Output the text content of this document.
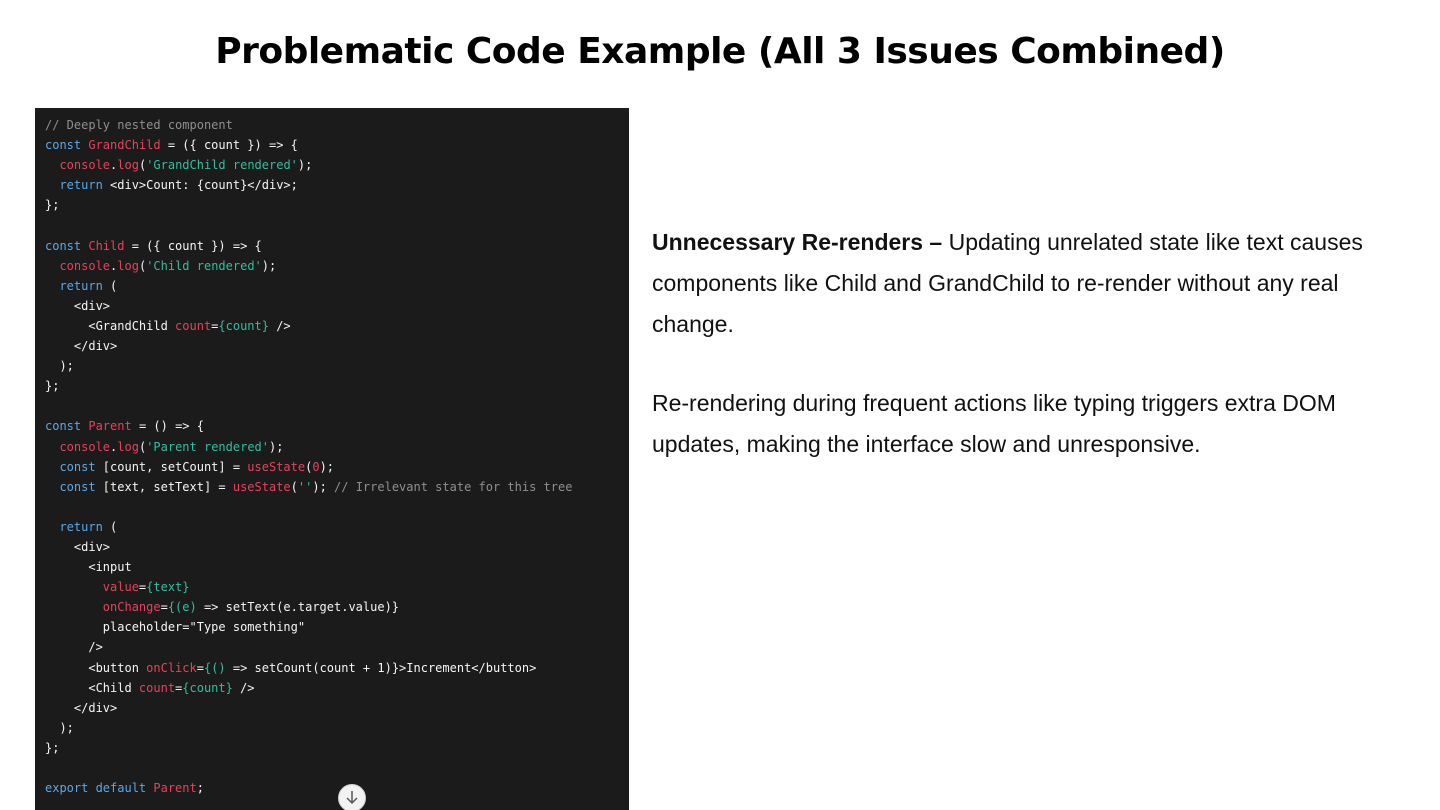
Problematic Code Example (All 3 Issues Combined)
// Deeply nested component
const GrandChild = ({ count }) => {
console.log('GrandChild rendered');
return <div>Count: {count}</div>;
};

const Child = ({ count }) => {
console.log('Child rendered');
return (
<div>
<GrandChild count={count} />
</div>
);
};

const Parent = () => {
console.log('Parent rendered');
const [count, setCount] = useState(0);
const [text, setText] = useState(''); // Irrelevant state for this tree

return (
<div>
<input
value={text}
onChange={(e) => setText(e.target.value)}
placeholder="Type something"
/>
<button onClick={() => setCount(count + 1)}>Increment</button>
<Child count={count} />
</div>
);
};

export default Parent;

Unnecessary Re-renders – Updating unrelated state like text causes components like Child and GrandChild to re-render without any real change.

Re-rendering during frequent actions like typing triggers extra DOM updates, making the interface slow and unresponsive.
